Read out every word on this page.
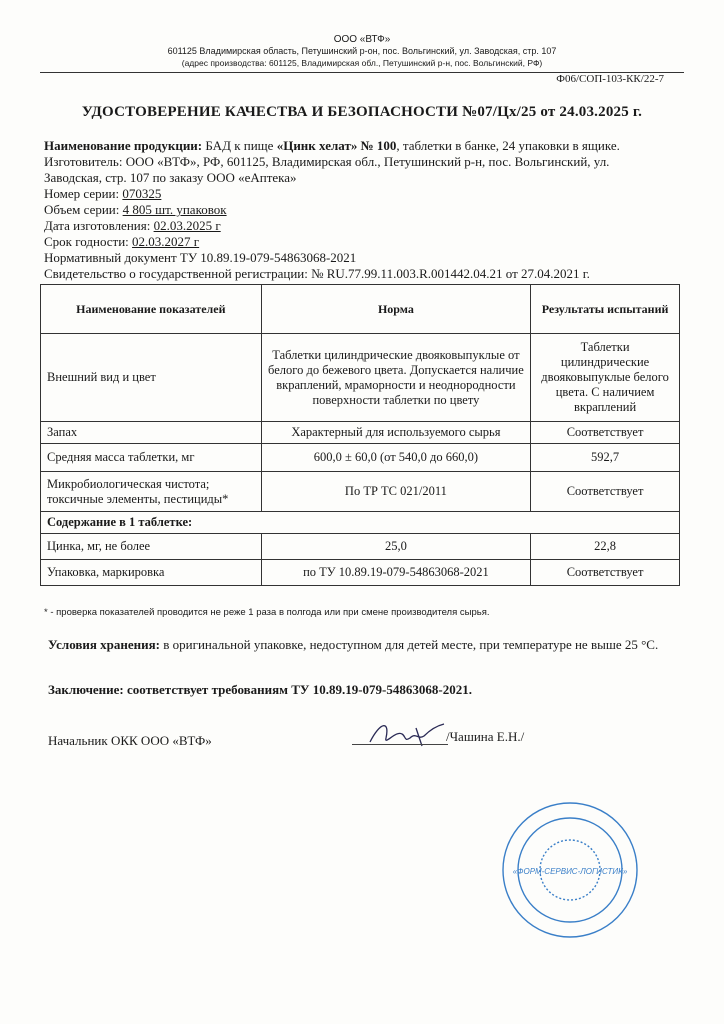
ООО «ВТФ»
601125 Владимирская область, Петушинский р-он, пос. Вольгинский, ул. Заводская, стр. 107
(адрес производства: 601125, Владимирская обл., Петушинский р-н, пос. Вольгинский, РФ)
Ф06/СОП-103-КК/22-7
УДОСТОВЕРЕНИЕ КАЧЕСТВА И БЕЗОПАСНОСТИ №07/Цх/25 от 24.03.2025 г.
Наименование продукции: БАД к пище «Цинк хелат» № 100, таблетки в банке, 24 упаковки в ящике.
Изготовитель: ООО «ВТФ», РФ, 601125, Владимирская обл., Петушинский р-н, пос. Вольгинский, ул.
Заводская, стр. 107 по заказу ООО «еАптека»
Номер серии: 070325
Объем серии: 4 805 шт. упаковок
Дата изготовления: 02.03.2025 г
Срок годности: 02.03.2027 г
Нормативный документ ТУ 10.89.19-079-54863068-2021
Свидетельство о государственной регистрации: № RU.77.99.11.003.R.001442.04.21 от 27.04.2021 г.
Наименование показателей	Норма	Результаты испытаний
Внешний вид и цвет	Таблетки цилиндрические двояковыпуклые от белого до бежевого цвета. Допускается наличие вкраплений, мраморности и неоднородности поверхности таблетки по цвету	Таблетки цилиндрические двояковыпуклые белого цвета. С наличием вкраплений
Запах	Характерный для используемого сырья	Соответствует
Средняя масса таблетки, мг	600,0 ± 60,0 (от 540,0 до 660,0)	592,7
Микробиологическая чистота; токсичные элементы, пестициды*	По ТР ТС 021/2011	Соответствует
Содержание в 1 таблетке:		
Цинка, мг, не более	25,0	22,8
Упаковка, маркировка	по ТУ 10.89.19-079-54863068-2021	Соответствует
* - проверка показателей проводится не реже 1 раза в полгода или при смене производителя сырья.
Условия хранения: в оригинальной упаковке, недоступном для детей месте, при температуре не выше 25 °С.
Заключение: соответствует требованиям ТУ 10.89.19-079-54863068-2021.
Начальник ОКК ООО «ВТФ»	/Чашина Е.Н./
«ФОРМ-СЕРВИС-ЛОГИСТИК»
